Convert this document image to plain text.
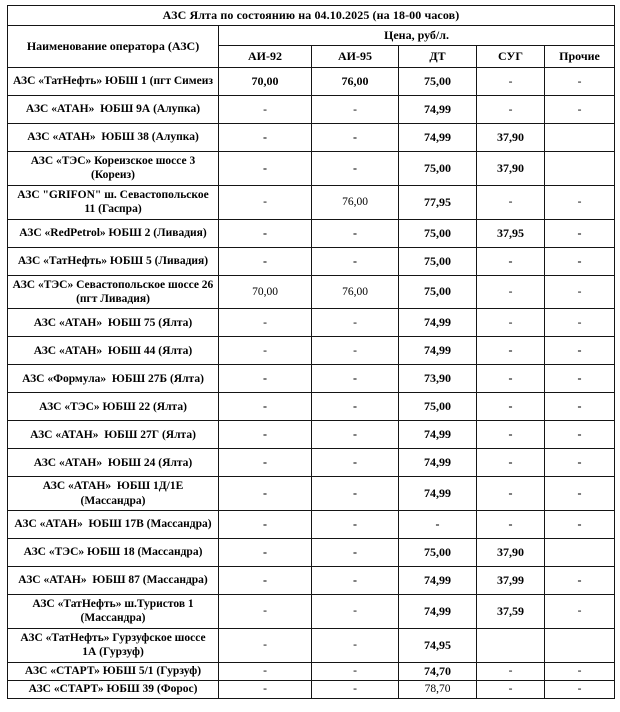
АЗС Ялта по состоянию на 04.10.2025 (на 18-00 часов)					
Наименование оператора (АЗС)	Цена, руб/л.				
	АИ-92	АИ-95	ДТ	СУГ	Прочие
АЗС «ТатНефть» ЮБШ 1 (пгт Симеиз	70,00	76,00	75,00	-	-
АЗС «АТАН»  ЮБШ 9А (Алупка)	-	-	74,99	-	-
АЗС «АТАН»  ЮБШ 38 (Алупка)	-	-	74,99	37,90	
АЗС «ТЭС» Кореизское шоссе 3 (Кореиз)	-	-	75,00	37,90	
АЗС "GRIFON" ш. Севастопольское 11 (Гаспра)	-	76,00	77,95	-	-
АЗС «RedPetrol» ЮБШ 2 (Ливадия)	-	-	75,00	37,95	-
АЗС «ТатНефть» ЮБШ 5 (Ливадия)	-	-	75,00	-	-
АЗС «ТЭС» Севастопольское шоссе 26 (пгт Ливадия)	70,00	76,00	75,00	-	-
АЗС «АТАН»  ЮБШ 75 (Ялта)	-	-	74,99	-	-
АЗС «АТАН»  ЮБШ 44 (Ялта)	-	-	74,99	-	-
АЗС «Формула»  ЮБШ 27Б (Ялта)	-	-	73,90	-	-
АЗС «ТЭС» ЮБШ 22 (Ялта)	-	-	75,00	-	-
АЗС «АТАН»  ЮБШ 27Г (Ялта)	-	-	74,99	-	-
АЗС «АТАН»  ЮБШ 24 (Ялта)	-	-	74,99	-	-
АЗС «АТАН»  ЮБШ 1Д/1Е (Массандра)	-	-	74,99	-	-
АЗС «АТАН»  ЮБШ 17В (Массандра)	-	-	-	-	-
АЗС «ТЭС» ЮБШ 18 (Массандра)	-	-	75,00	37,90	
АЗС «АТАН»  ЮБШ 87 (Массандра)	-	-	74,99	37,99	-
АЗС «ТатНефть» ш.Туристов 1 (Массандра)	-	-	74,99	37,59	-
АЗС «ТатНефть» Гурзуфское шоссе 1А (Гурзуф)	-	-	74,95		
АЗС «СТАРТ» ЮБШ 5/1 (Гурзуф)	-	-	74,70	-	-
АЗС «СТАРТ» ЮБШ 39 (Форос)	-	-	78,70	-	-
